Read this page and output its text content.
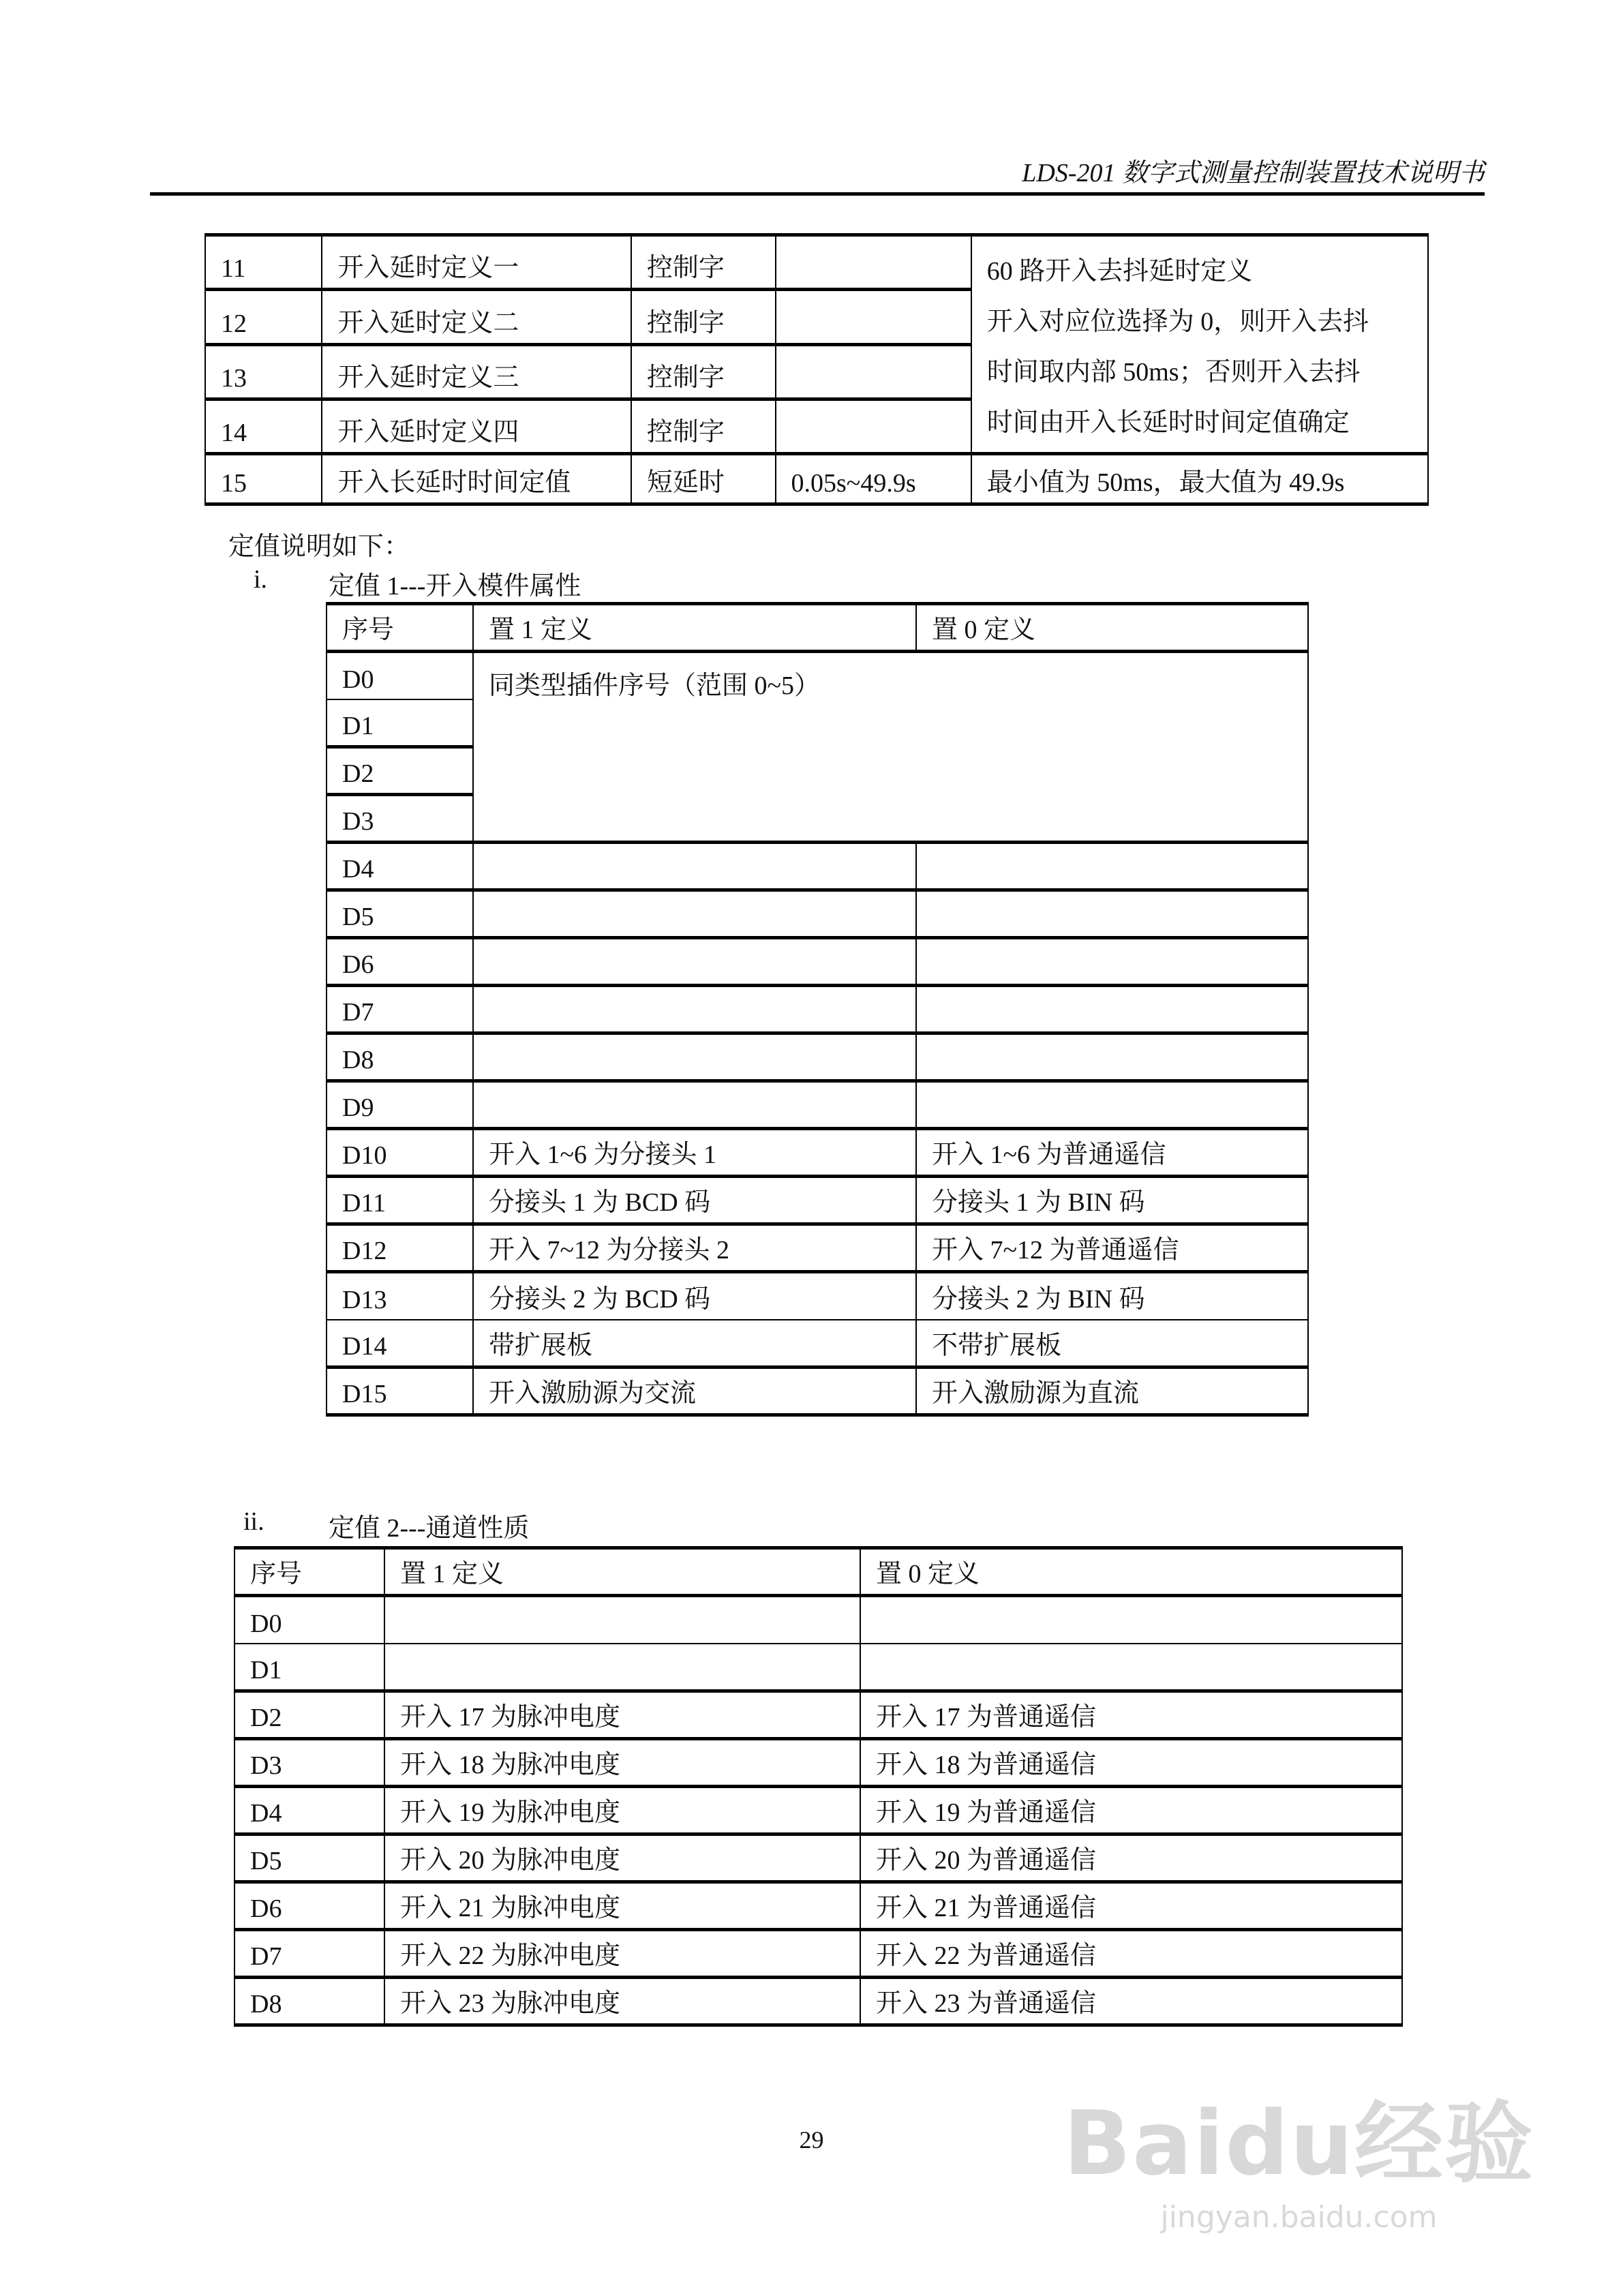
LDS-201 数字式测量控制装置技术说明书
11	开入延时定义一	控制字		60 路开入去抖延时定义
开入对应位选择为 0，则开入去抖
时间取内部 50ms；否则开入去抖
时间由开入长延时时间定值确定

12	开入延时定义二	控制字		
13	开入延时定义三	控制字		
14	开入延时定义四	控制字		
15	开入长延时时间定值	短延时	0.05s~49.9s	最小值为 50ms，最大值为 49.9s
定值说明如下：
i. 定值 1---开入模件属性
序号	置 1 定义	置 0 定义
D0	同类型插件序号（范围 0~5）	
D1		
D2		
D3		
D4		
D5		
D6		
D7		
D8		
D9		
D10	开入 1~6 为分接头 1	开入 1~6 为普通遥信
D11	分接头 1 为 BCD 码	分接头 1 为 BIN 码
D12	开入 7~12 为分接头 2	开入 7~12 为普通遥信
D13	分接头 2 为 BCD 码	分接头 2 为 BIN 码
D14	带扩展板	不带扩展板
D15	开入激励源为交流	开入激励源为直流
ii. 定值 2---通道性质
序号	置 1 定义	置 0 定义
D0		
D1		
D2	开入 17 为脉冲电度	开入 17 为普通遥信
D3	开入 18 为脉冲电度	开入 18 为普通遥信
D4	开入 19 为脉冲电度	开入 19 为普通遥信
D5	开入 20 为脉冲电度	开入 20 为普通遥信
D6	开入 21 为脉冲电度	开入 21 为普通遥信
D7	开入 22 为脉冲电度	开入 22 为普通遥信
D8	开入 23 为脉冲电度	开入 23 为普通遥信
29	Baidu经验
jingyan.baidu.com
